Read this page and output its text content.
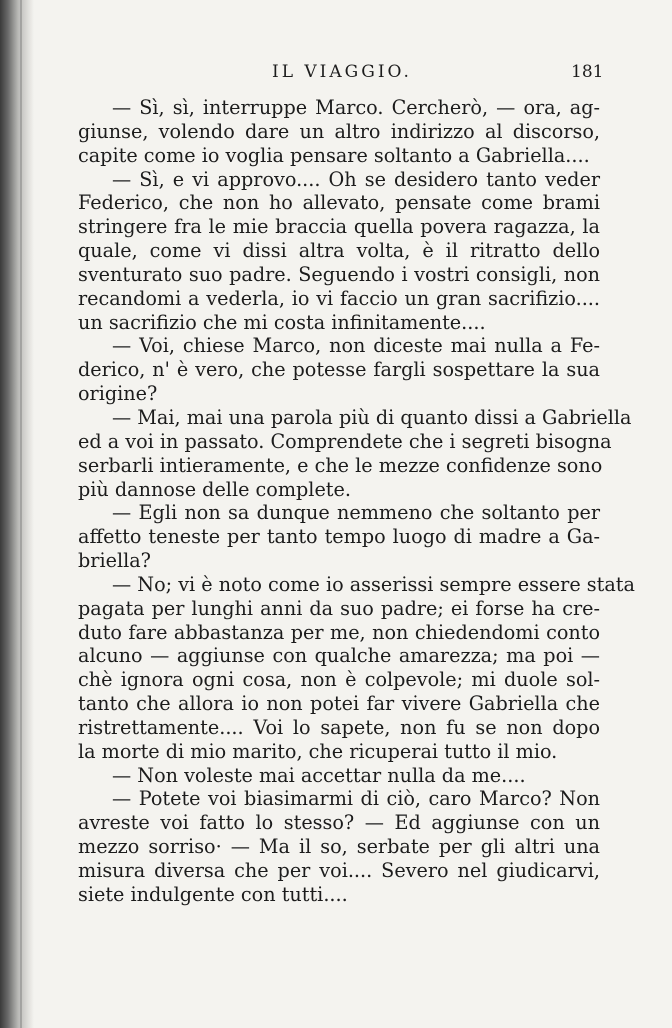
IL VIAGGIO.	181
— Sì, sì, interruppe Marco. Cercherò, — ora, ag-
giunse, volendo dare un altro indirizzo al discorso,
capite come io voglia pensare soltanto a Gabriella....
— Sì, e vi approvo.... Oh se desidero tanto veder
Federico, che non ho allevato, pensate come brami
stringere fra le mie braccia quella povera ragazza, la
quale, come vi dissi altra volta, è il ritratto dello
sventurato suo padre. Seguendo i vostri consigli, non
recandomi a vederla, io vi faccio un gran sacrifizio....
un sacrifizio che mi costa infinitamente....
— Voi, chiese Marco, non diceste mai nulla a Fe-
derico, n' è vero, che potesse fargli sospettare la sua
origine?
— Mai, mai una parola più di quanto dissi a Gabriella
ed a voi in passato. Comprendete che i segreti bisogna
serbarli intieramente, e che le mezze confidenze sono
più dannose delle complete.
— Egli non sa dunque nemmeno che soltanto per
affetto teneste per tanto tempo luogo di madre a Ga-
briella?
— No; vi è noto come io asserissi sempre essere stata
pagata per lunghi anni da suo padre; ei forse ha cre-
duto fare abbastanza per me, non chiedendomi conto
alcuno — aggiunse con qualche amarezza; ma poi —
chè ignora ogni cosa, non è colpevole; mi duole sol-
tanto che allora io non potei far vivere Gabriella che
ristrettamente.... Voi lo sapete, non fu se non dopo
la morte di mio marito, che ricuperai tutto il mio.
— Non voleste mai accettar nulla da me....
— Potete voi biasimarmi di ciò, caro Marco? Non
avreste voi fatto lo stesso? — Ed aggiunse con un
mezzo sorriso· — Ma il so, serbate per gli altri una
misura diversa che per voi.... Severo nel giudicarvi,
siete indulgente con tutti....
